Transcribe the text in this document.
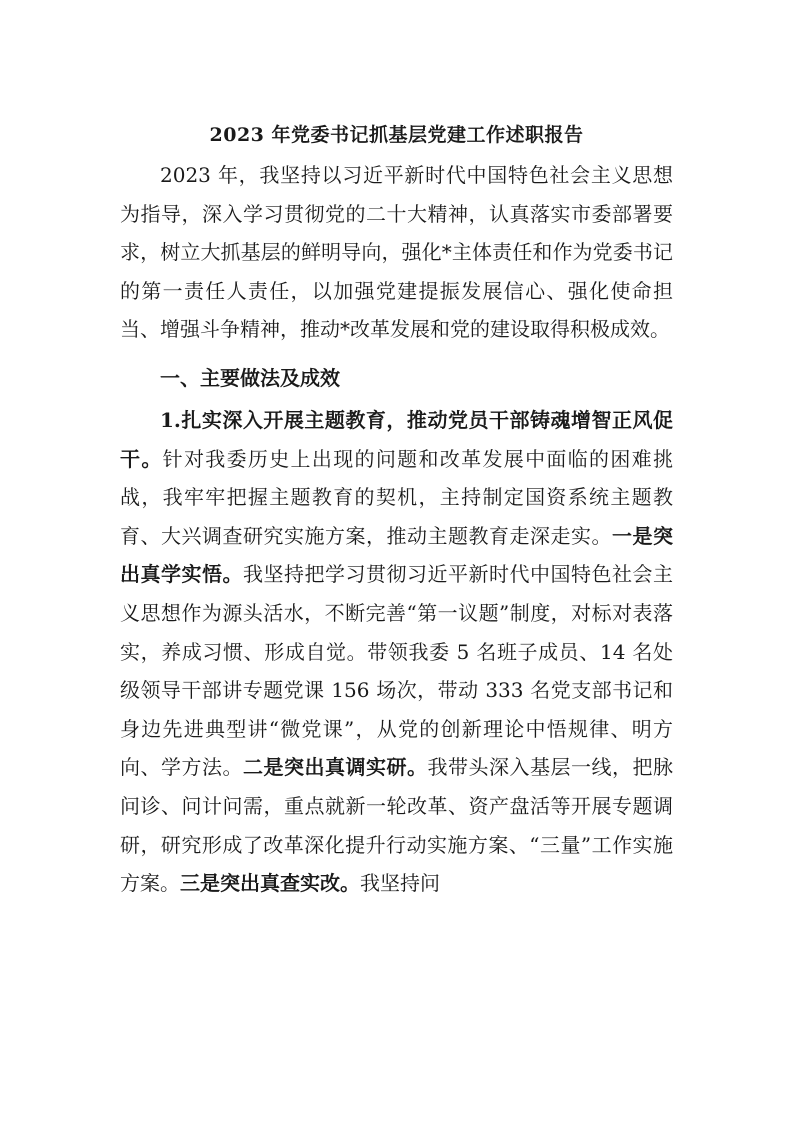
2023 年党委书记抓基层党建工作述职报告

2023 年，我坚持以习近平新时代中国特色社会主义思想为指导，深入学习贯彻党的二十大精神，认真落实市委部署要求，树立大抓基层的鲜明导向，强化*主体责任和作为党委书记的第一责任人责任，以加强党建提振发展信心、强化使命担当、增强斗争精神，推动*改革发展和党的建设取得积极成效。

一、主要做法及成效

1.扎实深入开展主题教育，推动党员干部铸魂增智正风促干。针对我委历史上出现的问题和改革发展中面临的困难挑战，我牢牢把握主题教育的契机，主持制定国资系统主题教育、大兴调查研究实施方案，推动主题教育走深走实。一是突出真学实悟。我坚持把学习贯彻习近平新时代中国特色社会主义思想作为源头活水，不断完善“第一议题”制度，对标对表落实，养成习惯、形成自觉。带领我委 5 名班子成员、14 名处级领导干部讲专题党课 156 场次，带动 333 名党支部书记和身边先进典型讲“微党课”，从党的创新理论中悟规律、明方向、学方法。二是突出真调实研。我带头深入基层一线，把脉问诊、问计问需，重点就新一轮改革、资产盘活等开展专题调研，研究形成了改革深化提升行动实施方案、“三量”工作实施方案。三是突出真查实改。我坚持问
